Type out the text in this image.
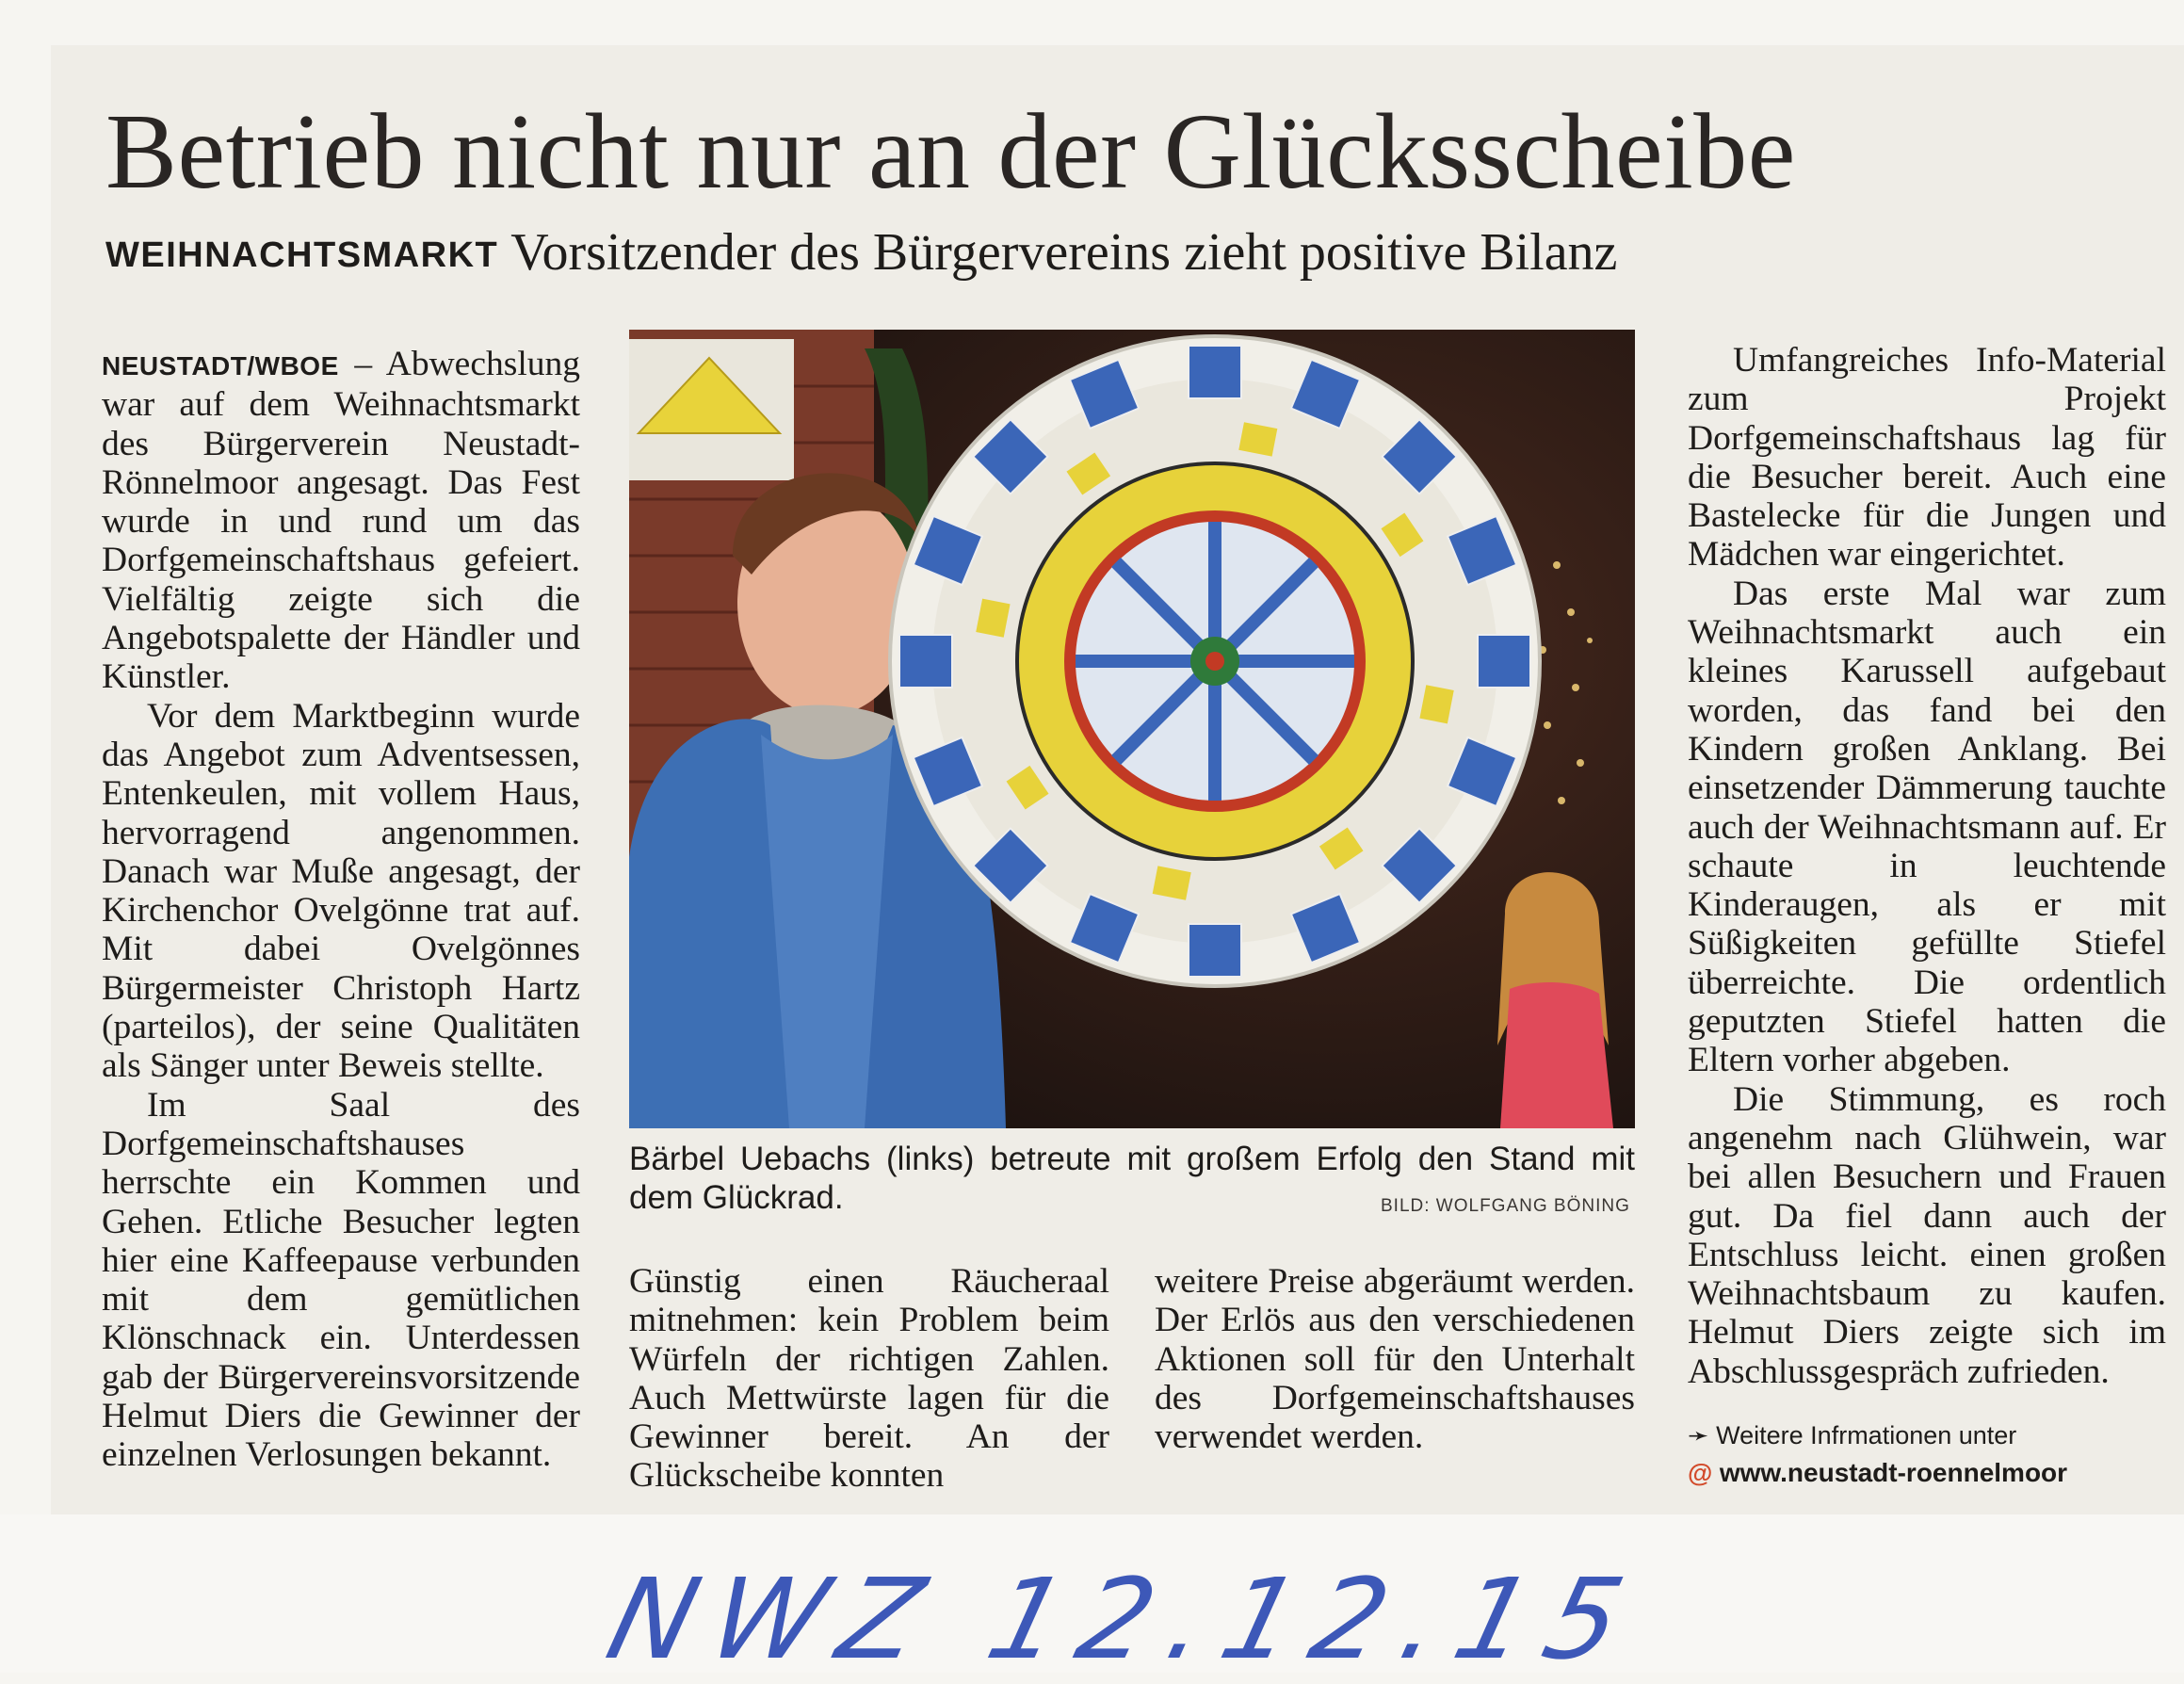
Betrieb nicht nur an der Glücksscheibe
WEIHNACHTSMARKT Vorsitzender des Bürgervereins zieht positive Bilanz

NEUSTADT/WBOE – Abwechslung war auf dem Weihnachtsmarkt des Bürgerverein Neustadt-Rönnelmoor angesagt. Das Fest wurde in und rund um das Dorfgemeinschaftshaus gefeiert. Vielfältig zeigte sich die Angebotspalette der Händler und Künstler.

Vor dem Marktbeginn wurde das Angebot zum Adventsessen, Entenkeulen, mit vollem Haus, hervorragend angenommen. Danach war Muße angesagt, der Kirchenchor Ovelgönne trat auf. Mit dabei Ovelgönnes Bürgermeister Christoph Hartz (parteilos), der seine Qualitäten als Sänger unter Beweis stellte.

Im Saal des Dorfgemeinschaftshauses herrschte ein Kommen und Gehen. Etliche Besucher legten hier eine Kaffeepause verbunden mit dem gemütlichen Klönschnack ein. Unterdessen gab der Bürgervereinsvorsitzende Helmut Diers die Gewinner der einzelnen Verlosungen bekannt.

Bärbel Uebachs (links) betreute mit großem Erfolg den Stand mit dem Glückrad.	BILD: WOLFGANG BÖNING

Günstig einen Räucheraal mitnehmen: kein Problem beim Würfeln der richtigen Zahlen. Auch Mettwürste lagen für die Gewinner bereit. An der Glückscheibe konnten

weitere Preise abgeräumt werden. Der Erlös aus den verschiedenen Aktionen soll für den Unterhalt des Dorfgemeinschaftshauses verwendet werden.

Umfangreiches Info-Material zum Projekt Dorfgemeinschaftshaus lag für die Besucher bereit. Auch eine Bastelecke für die Jungen und Mädchen war eingerichtet.

Das erste Mal war zum Weihnachtsmarkt auch ein kleines Karussell aufgebaut worden, das fand bei den Kindern großen Anklang. Bei einsetzender Dämmerung tauchte auch der Weihnachtsmann auf. Er schaute in leuchtende Kinderaugen, als er mit Süßigkeiten gefüllte Stiefel überreichte. Die ordentlich geputzten Stiefel hatten die Eltern vorher abgeben.

Die Stimmung, es roch angenehm nach Glühwein, war bei allen Besuchern und Frauen gut. Da fiel dann auch der Entschluss leicht. einen großen Weihnachtsbaum zu kaufen. Helmut Diers zeigte sich im Abschlussgespräch zufrieden.

➛ Weitere Infrmationen unter
@ www.neustadt-roennelmoor
NWZ 12.12.15
